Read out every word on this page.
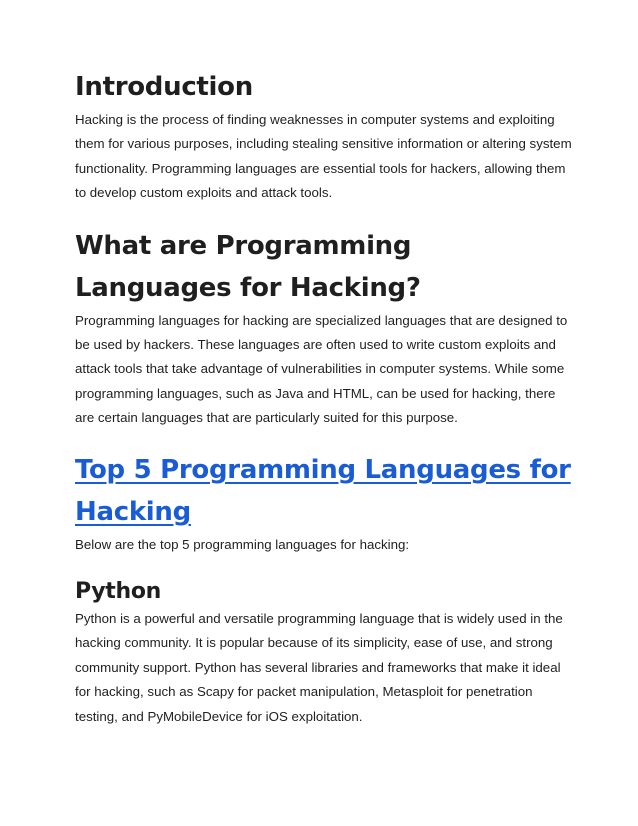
Introduction

Hacking is the process of finding weaknesses in computer systems and exploiting them for various purposes, including stealing sensitive information or altering system functionality. Programming languages are essential tools for hackers, allowing them to develop custom exploits and attack tools.

What are Programming Languages for Hacking?

Programming languages for hacking are specialized languages that are designed to be used by hackers. These languages are often used to write custom exploits and attack tools that take advantage of vulnerabilities in computer systems. While some programming languages, such as Java and HTML, can be used for hacking, there are certain languages that are particularly suited for this purpose.

Top 5 Programming Languages for Hacking

Below are the top 5 programming languages for hacking:

Python

Python is a powerful and versatile programming language that is widely used in the hacking community. It is popular because of its simplicity, ease of use, and strong community support. Python has several libraries and frameworks that make it ideal for hacking, such as Scapy for packet manipulation, Metasploit for penetration testing, and PyMobileDevice for iOS exploitation.
